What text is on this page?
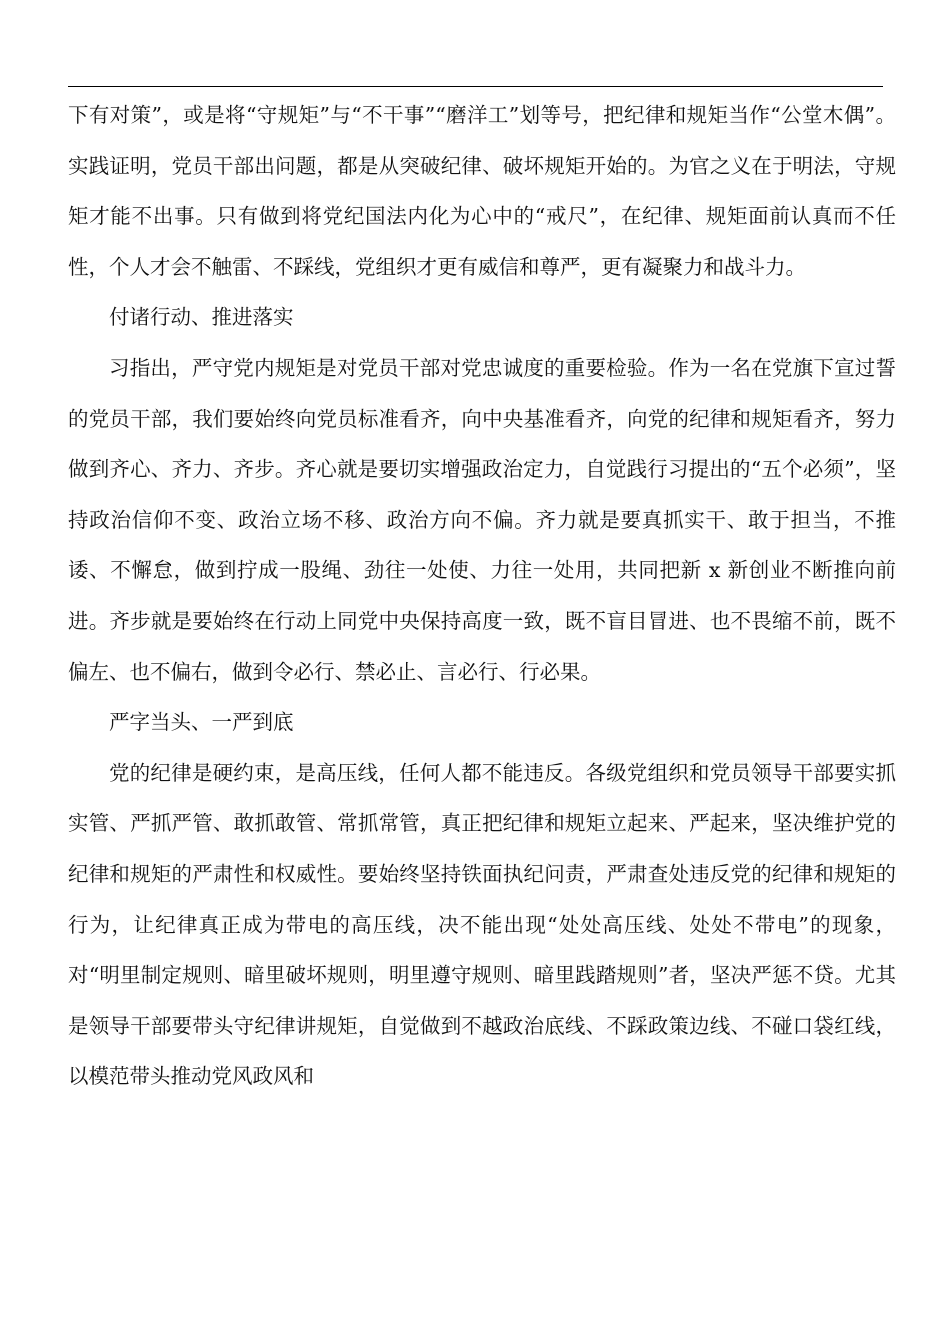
下有对策”，或是将“守规矩”与“不干事”“磨洋工”划等号，把纪律和规矩当作“公堂木偶”。实践证明，党员干部出问题，都是从突破纪律、破坏规矩开始的。为官之义在于明法，守规矩才能不出事。只有做到将党纪国法内化为心中的“戒尺”，在纪律、规矩面前认真而不任性，个人才会不触雷、不踩线，党组织才更有威信和尊严，更有凝聚力和战斗力。

付诸行动、推进落实

习指出，严守党内规矩是对党员干部对党忠诚度的重要检验。作为一名在党旗下宣过誓的党员干部，我们要始终向党员标准看齐，向中央基准看齐，向党的纪律和规矩看齐，努力做到齐心、齐力、齐步。齐心就是要切实增强政治定力，自觉践行习提出的“五个必须”，坚持政治信仰不变、政治立场不移、政治方向不偏。齐力就是要真抓实干、敢于担当，不推诿、不懈怠，做到拧成一股绳、劲往一处使、力往一处用，共同把新 x 新创业不断推向前进。齐步就是要始终在行动上同党中央保持高度一致，既不盲目冒进、也不畏缩不前，既不偏左、也不偏右，做到令必行、禁必止、言必行、行必果。

严字当头、一严到底

党的纪律是硬约束，是高压线，任何人都不能违反。各级党组织和党员领导干部要实抓实管、严抓严管、敢抓敢管、常抓常管，真正把纪律和规矩立起来、严起来，坚决维护党的纪律和规矩的严肃性和权威性。要始终坚持铁面执纪问责，严肃查处违反党的纪律和规矩的行为，让纪律真正成为带电的高压线，决不能出现“处处高压线、处处不带电”的现象，对“明里制定规则、暗里破坏规则，明里遵守规则、暗里践踏规则”者，坚决严惩不贷。尤其是领导干部要带头守纪律讲规矩，自觉做到不越政治底线、不踩政策边线、不碰口袋红线，以模范带头推动党风政风和
